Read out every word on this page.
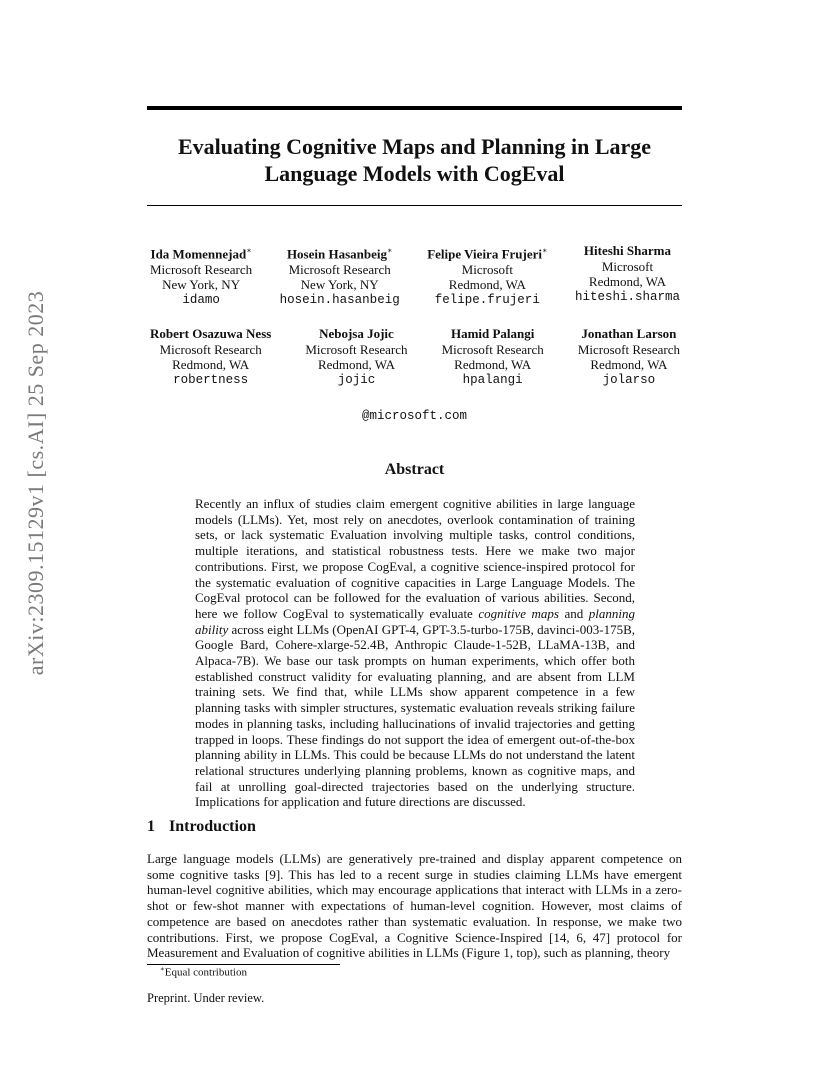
arXiv:2309.15129v1 [cs.AI] 25 Sep 2023
Evaluating Cognitive Maps and Planning in Large
Language Models with CogEval
Ida Momennejad∗
Microsoft Research
New York, NY
idamo
Hosein Hasanbeig∗
Microsoft Research
New York, NY
hosein.hasanbeig
Felipe Vieira Frujeri∗
Microsoft
Redmond, WA
felipe.frujeri
Hiteshi Sharma
Microsoft
Redmond, WA
hiteshi.sharma
Robert Osazuwa Ness
Microsoft Research
Redmond, WA
robertness
Nebojsa Jojic
Microsoft Research
Redmond, WA
jojic
Hamid Palangi
Microsoft Research
Redmond, WA
hpalangi
Jonathan Larson
Microsoft Research
Redmond, WA
jolarso
@microsoft.com
Abstract

Recently an influx of studies claim emergent cognitive abilities in large language models (LLMs). Yet, most rely on anecdotes, overlook contamination of training sets, or lack systematic Evaluation involving multiple tasks, control conditions, multiple iterations, and statistical robustness tests. Here we make two major contributions. First, we propose CogEval, a cognitive science-inspired protocol for the systematic evaluation of cognitive capacities in Large Language Models. The CogEval protocol can be followed for the evaluation of various abilities. Second, here we follow CogEval to systematically evaluate cognitive maps and planning ability across eight LLMs (OpenAI GPT-4, GPT-3.5-turbo-175B, davinci-003-175B, Google Bard, Cohere-xlarge-52.4B, Anthropic Claude-1-52B, LLaMA-13B, and Alpaca-7B). We base our task prompts on human experiments, which offer both established construct validity for evaluating planning, and are absent from LLM training sets. We find that, while LLMs show apparent competence in a few planning tasks with simpler structures, systematic evaluation reveals striking failure modes in planning tasks, including hallucinations of invalid trajectories and getting trapped in loops. These findings do not support the idea of emergent out-of-the-box planning ability in LLMs. This could be because LLMs do not understand the latent relational structures underlying planning problems, known as cognitive maps, and fail at unrolling goal-directed trajectories based on the underlying structure. Implications for application and future directions are discussed.

1 Introduction

Large language models (LLMs) are generatively pre-trained and display apparent competence on some cognitive tasks [9]. This has led to a recent surge in studies claiming LLMs have emergent human-level cognitive abilities, which may encourage applications that interact with LLMs in a zero-shot or few-shot manner with expectations of human-level cognition. However, most claims of competence are based on anecdotes rather than systematic evaluation. In response, we make two contributions. First, we propose CogEval, a Cognitive Science-Inspired [14, 6, 47] protocol for Measurement and Evaluation of cognitive abilities in LLMs (Figure 1, top), such as planning, theory

∗Equal contribution
Preprint. Under review.
